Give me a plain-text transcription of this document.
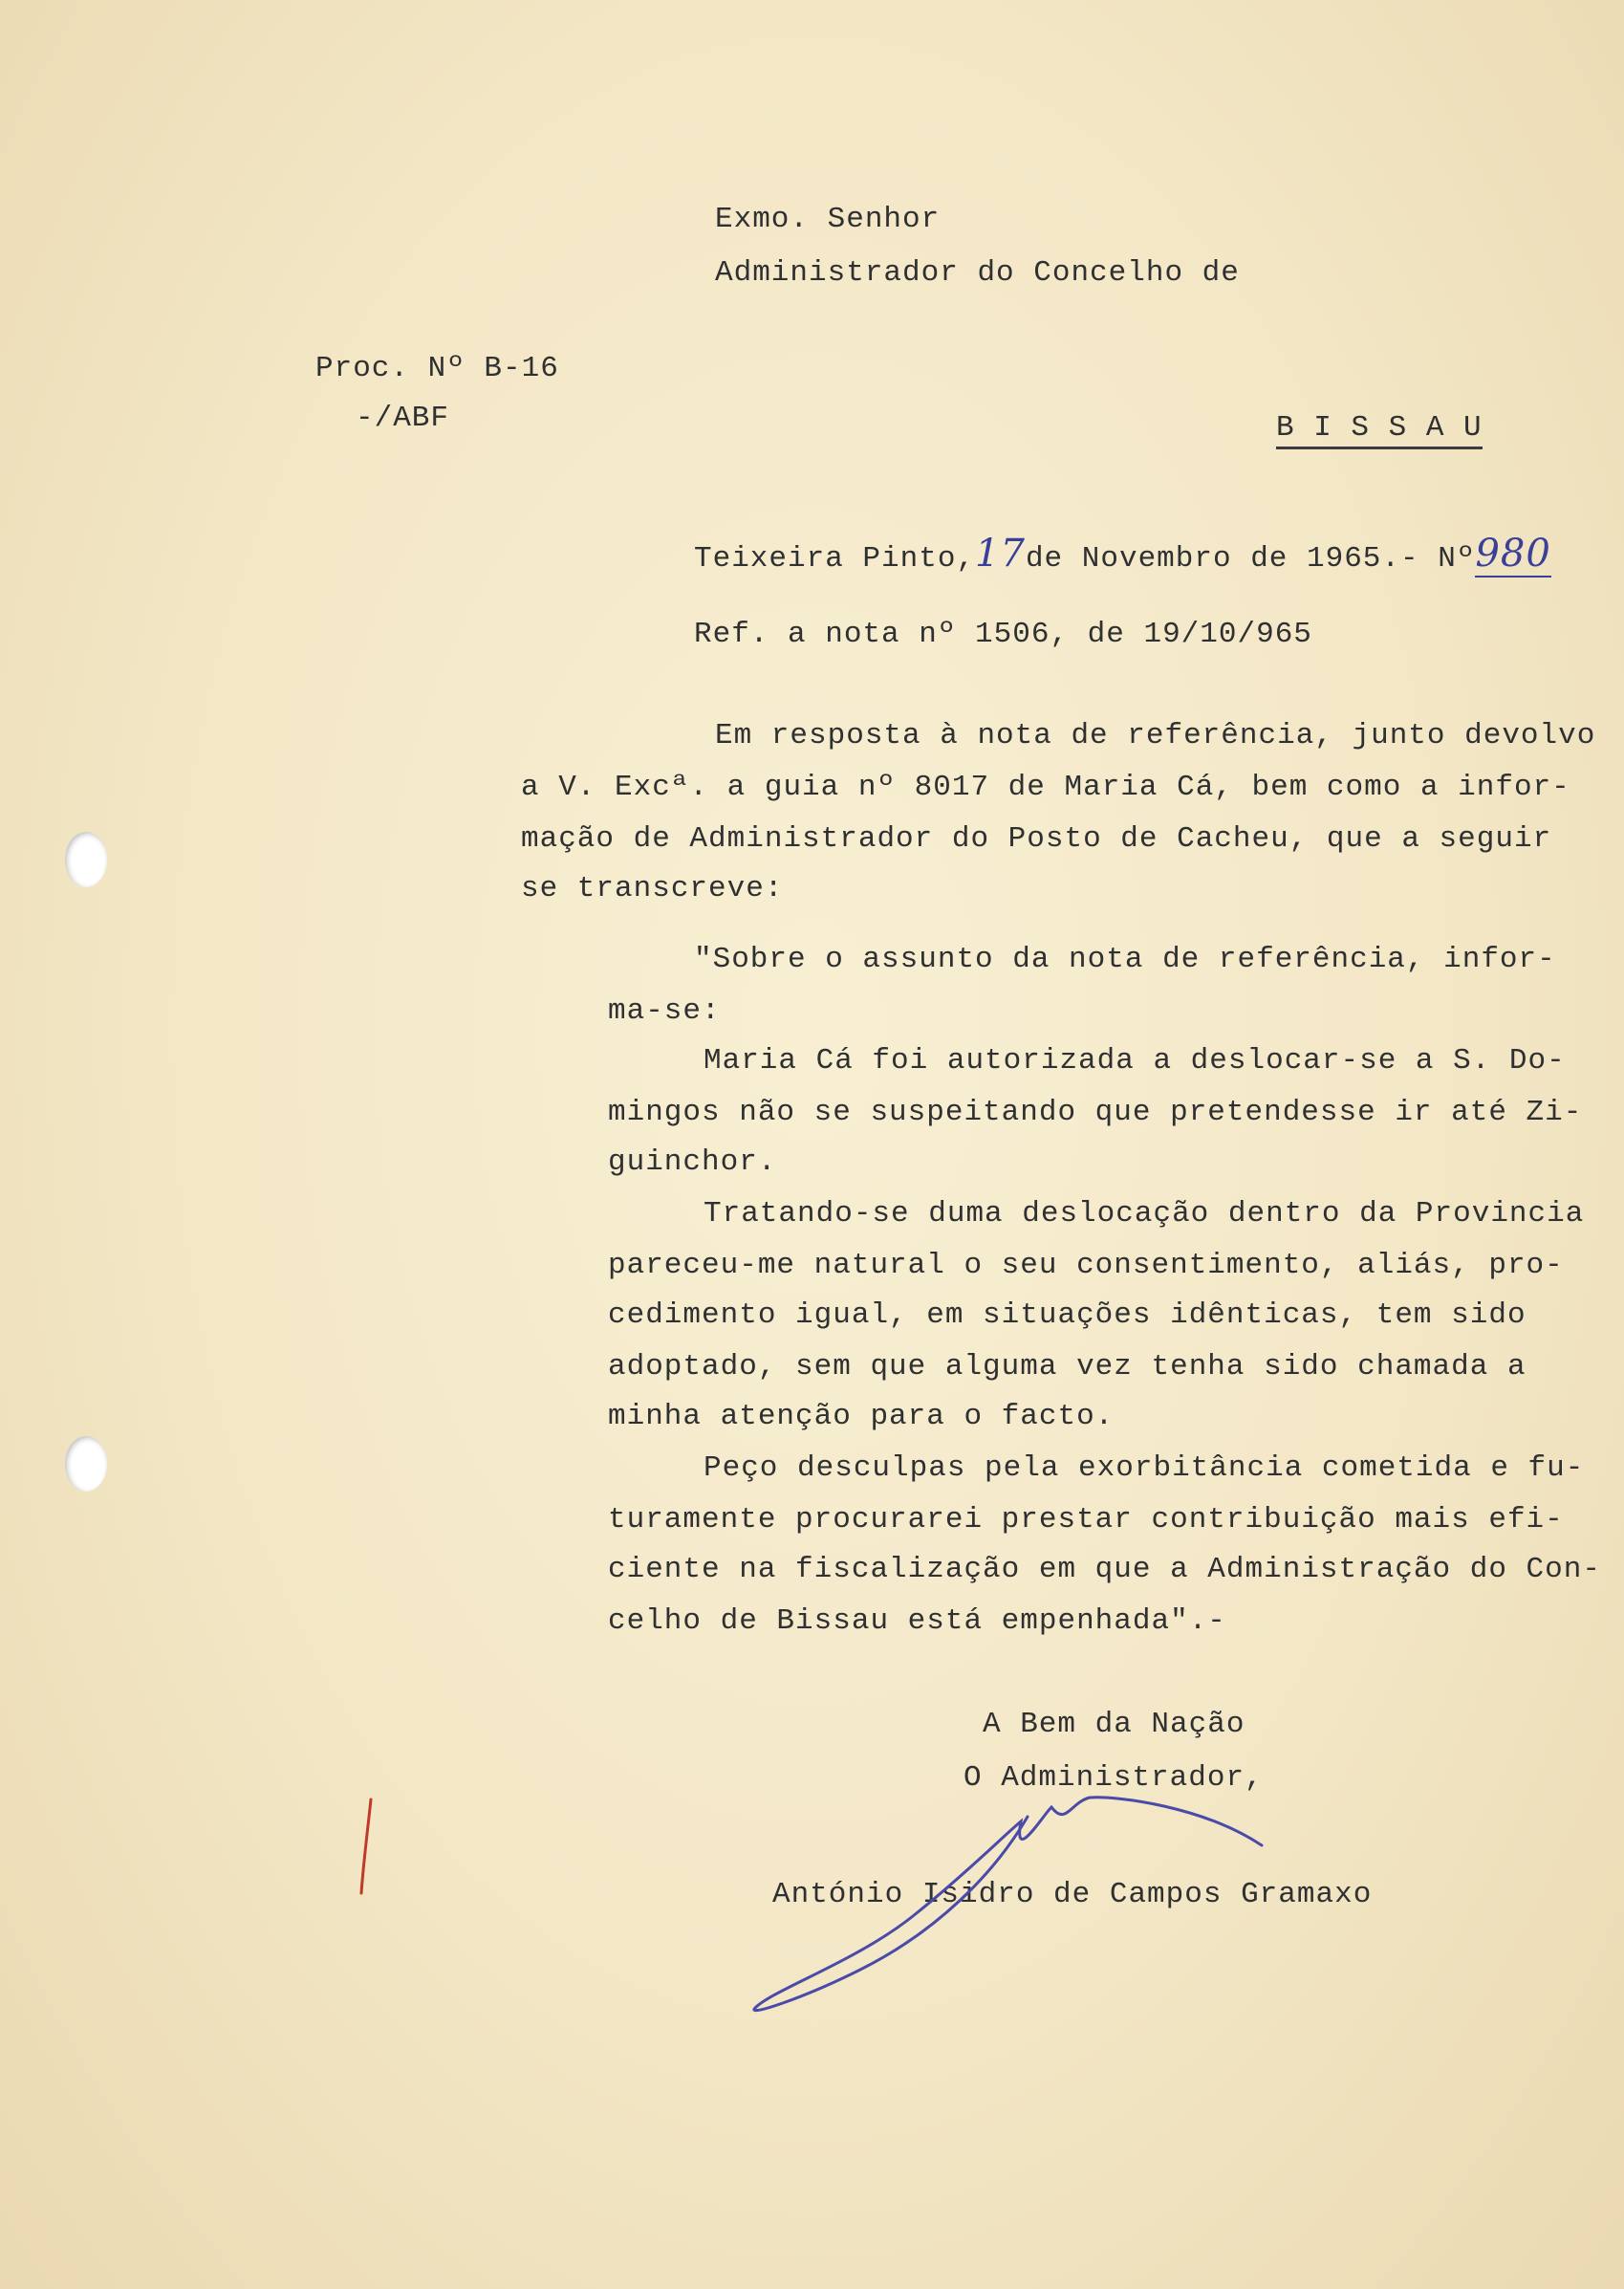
Exmo. Senhor
Administrador do Concelho de
B I S S A U
Proc. Nº B-16
-/ABF
Teixeira Pinto,17de Novembro de 1965.- Nº980
Ref. a nota nº 1506, de 19/10/965
Em resposta à nota de referência, junto devolvo
a V. Excª. a guia nº 8017 de Maria Cá, bem como a infor-
mação de Administrador do Posto de Cacheu, que a seguir
se transcreve:
"Sobre o assunto da nota de referência, infor-
ma-se:
Maria Cá foi autorizada a deslocar-se a S. Do-
mingos não se suspeitando que pretendesse ir até Zi-
guinchor.
Tratando-se duma deslocação dentro da Provincia
pareceu-me natural o seu consentimento, aliás, pro-
cedimento igual, em situações idênticas, tem sido
adoptado, sem que alguma vez tenha sido chamada a
minha atenção para o facto.
Peço desculpas pela exorbitância cometida e fu-
turamente procurarei prestar contribuição mais efi-
ciente na fiscalização em que a Administração do Con-
celho de Bissau está empenhada".-
A Bem da Nação
O Administrador,
António Isidro de Campos Gramaxo
